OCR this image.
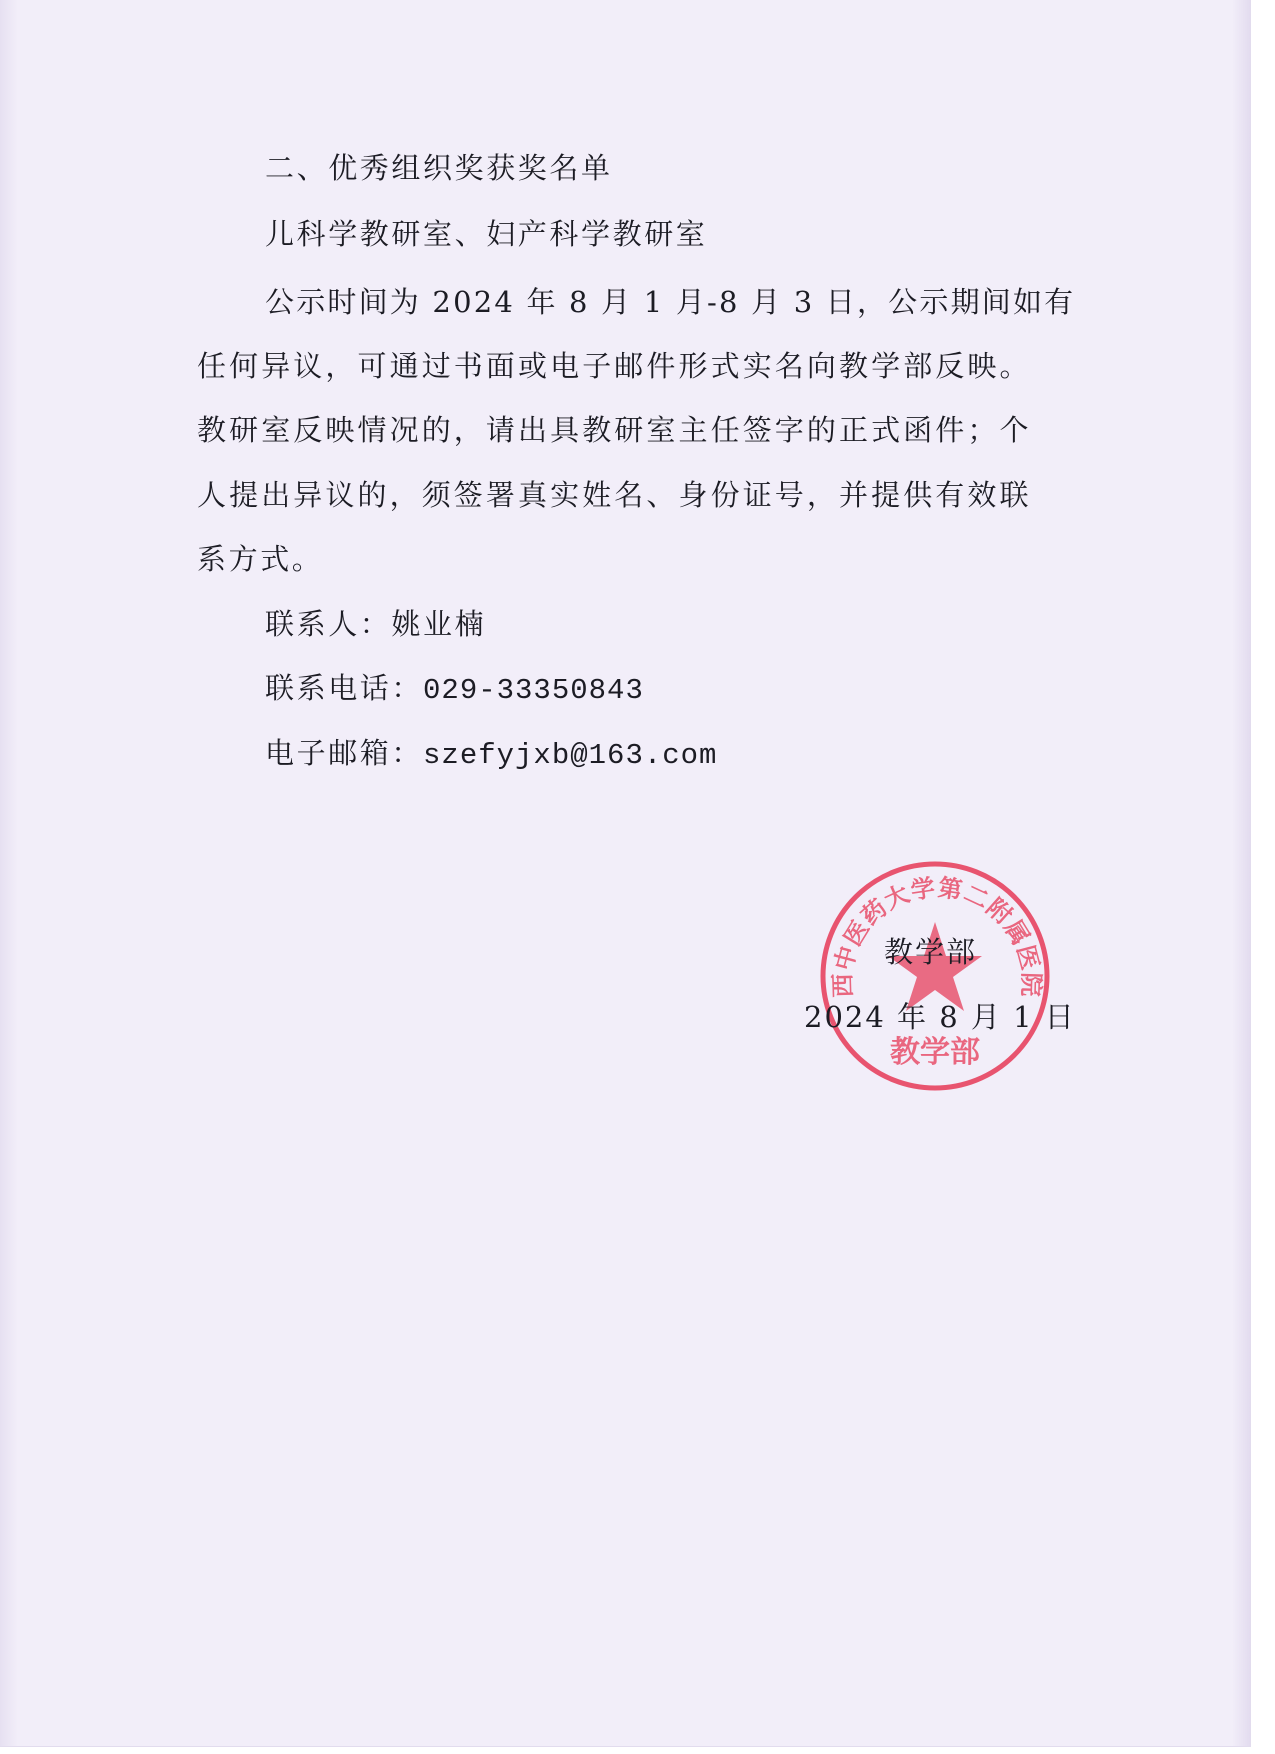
二、优秀组织奖获奖名单
儿科学教研室、妇产科学教研室
公示时间为 2024 年 8 月 1 月-8 月 3 日，公示期间如有
任何异议，可通过书面或电子邮件形式实名向教学部反映。
教研室反映情况的，请出具教研室主任签字的正式函件；个
人提出异议的，须签署真实姓名、身份证号，并提供有效联
系方式。
联系人：姚业楠
联系电话：029-33350843
电子邮箱：szefyjxb@163.com
西中医药大学第二附属医院
教学部
教学部
2024 年 8 月 1 日
